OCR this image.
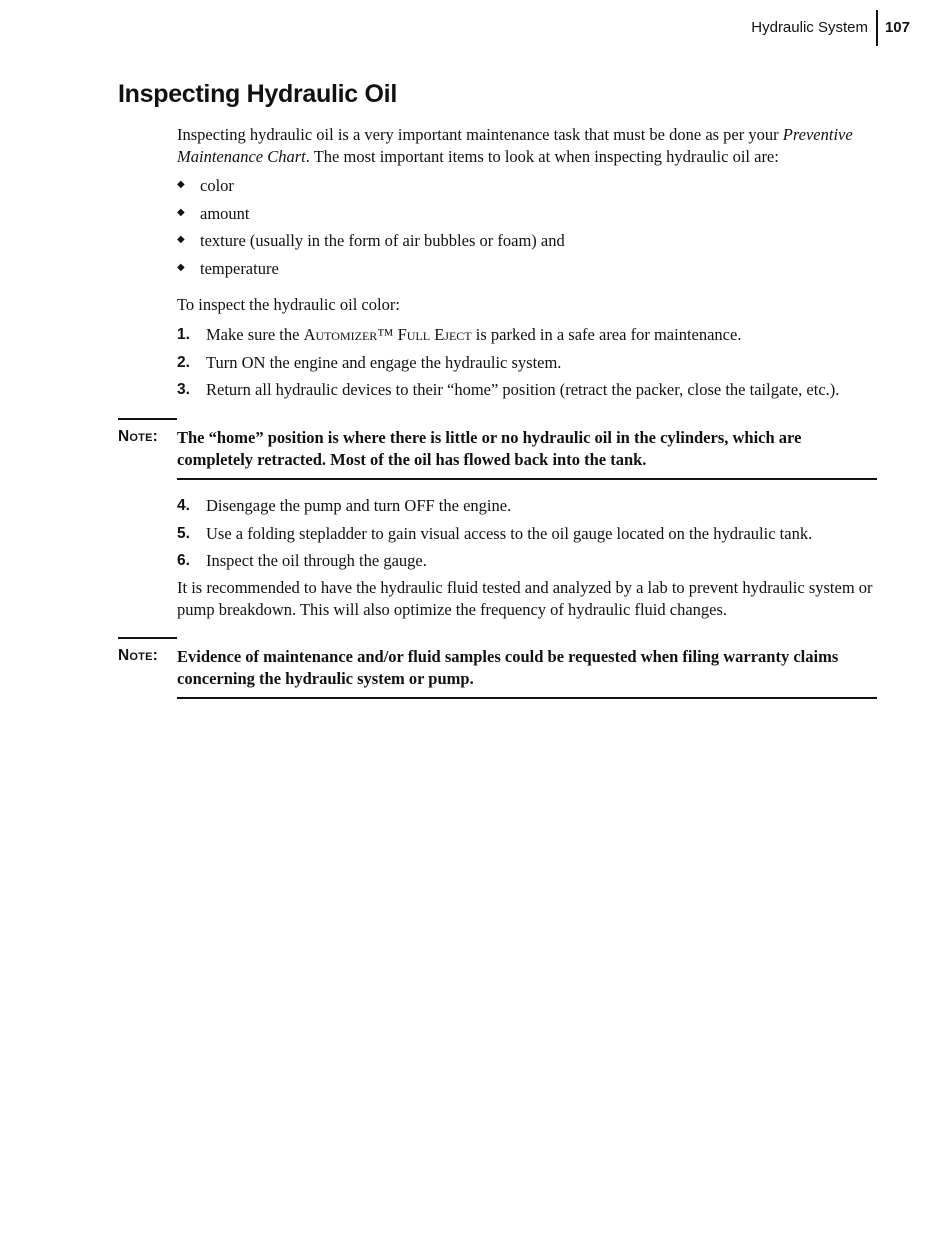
Hydraulic System	107
Inspecting Hydraulic Oil

Inspecting hydraulic oil is a very important maintenance task that must be done as per your Preventive Maintenance Chart. The most important items to look at when inspecting hydraulic oil are:

◆ color
◆ amount
◆ texture (usually in the form of air bubbles or foam) and
◆ temperature

To inspect the hydraulic oil color:

1. Make sure the Automizer™ Full Eject is parked in a safe area for maintenance.
2. Turn ON the engine and engage the hydraulic system.
3. Return all hydraulic devices to their “home” position (retract the packer, close the tailgate, etc.).
Note: The “home” position is where there is little or no hydraulic oil in the cylinders, which are completely retracted. Most of the oil has flowed back into the tank.

4. Disengage the pump and turn OFF the engine.
5. Use a folding stepladder to gain visual access to the oil gauge located on the hydraulic tank.
6. Inspect the oil through the gauge.

It is recommended to have the hydraulic fluid tested and analyzed by a lab to prevent hydraulic system or pump breakdown. This will also optimize the frequency of hydraulic fluid changes.

Note: Evidence of maintenance and/or fluid samples could be requested when filing warranty claims concerning the hydraulic system or pump.
